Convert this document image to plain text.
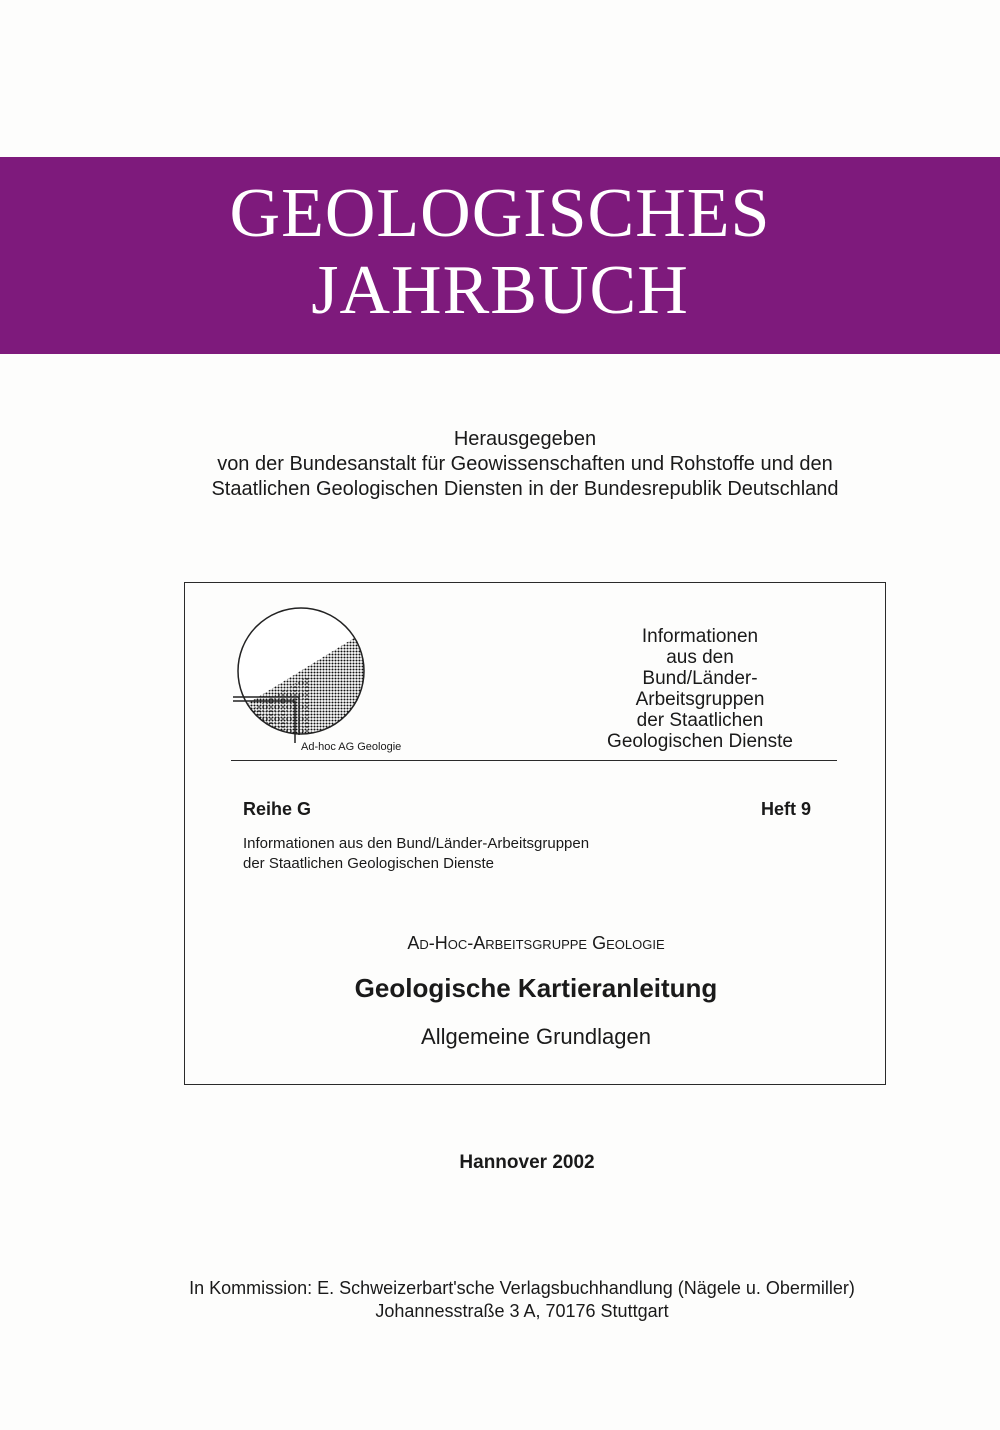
GEOLOGISCHES
JAHRBUCH
Herausgegeben
von der Bundesanstalt für Geowissenschaften und Rohstoffe und den
Staatlichen Geologischen Diensten in der Bundesrepublik Deutschland
Ad-hoc AG Geologie
Informationen
aus den
Bund/Länder-
Arbeitsgruppen
der Staatlichen
Geologischen Dienste
Reihe G	Heft 9
Informationen aus den Bund/Länder-Arbeitsgruppen
der Staatlichen Geologischen Dienste
Ad-Hoc-Arbeitsgruppe Geologie
Geologische Kartieranleitung
Allgemeine Grundlagen
Hannover 2002
In Kommission: E. Schweizerbart'sche Verlagsbuchhandlung (Nägele u. Obermiller)
Johannesstraße 3 A, 70176 Stuttgart
